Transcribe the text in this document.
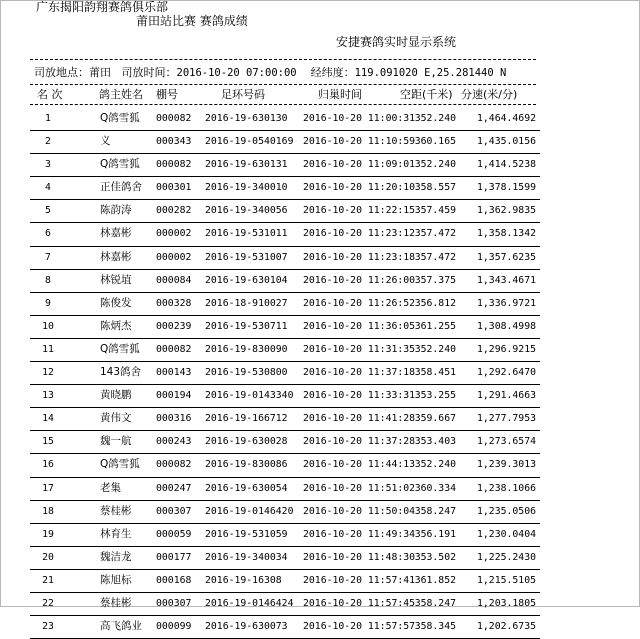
广东揭阳韵翔赛鸽俱乐部
莆田站比赛 赛鸽成绩
安捷赛鸽实时显示系统
司放地点：莆田 司放时间：2016-10-20 07:00:00 经纬度：119.091020 E,25.281440 N
名 次	鸽主姓名 棚号	足环号码	归巢时间	空距(千米) 分速(米/分)
1	Q鸽雪狐	000082	2016-19-630130	2016-10-20 11:00:31 352.240	1,464.4692
2	义	000343	2016-19-0540169 2016-10-20 11:10:59 360.165	1,435.0156
3	Q鸽雪狐	000082	2016-19-630131	2016-10-20 11:09:01 352.240	1,414.5238
4	正佳鸽舍	000301	2016-19-340010	2016-10-20 11:20:10 358.557	1,378.1599
5	陈韵涛	000282	2016-19-340056	2016-10-20 11:22:15 357.459	1,362.9835
6	林嘉彬	000002	2016-19-531011	2016-10-20 11:23:12 357.472	1,358.1342
7	林嘉彬	000002	2016-19-531007	2016-10-20 11:23:18 357.472	1,357.6235
8	林锐埴	000084	2016-19-630104	2016-10-20 11:26:00 357.375	1,343.4671
9	陈俊发	000328	2016-18-910027	2016-10-20 11:26:52 356.812	1,336.9721
10	陈炳杰	000239	2016-19-530711	2016-10-20 11:36:05 361.255	1,308.4998
11	Q鸽雪狐	000082	2016-19-830090	2016-10-20 11:31:35 352.240	1,296.9215
12	143鸽舍	000143	2016-19-530800	2016-10-20 11:37:18 358.451	1,292.6470
13	黄晓鹏	000194	2016-19-0143340 2016-10-20 11:33:31 353.255	1,291.4663
14	黄伟文	000316	2016-19-166712	2016-10-20 11:41:28 359.667	1,277.7953
15	魏一航	000243	2016-19-630028	2016-10-20 11:37:28 353.403	1,273.6574
16	Q鸽雪狐	000082	2016-19-830086	2016-10-20 11:44:13 352.240	1,239.3013
17	老集	000247	2016-19-630054	2016-10-20 11:51:02 360.334	1,238.1066
18	蔡桂彬	000307	2016-19-0146420 2016-10-20 11:50:04 358.247	1,235.0506
19	林育生	000059	2016-19-531059	2016-10-20 11:49:34 356.191	1,230.0404
20	魏洁龙	000177	2016-19-340034	2016-10-20 11:48:30 353.502	1,225.2430
21	陈旭标	000168	2016-19-16308	2016-10-20 11:57:41 361.852	1,215.5105
22	蔡桂彬	000307	2016-19-0146424 2016-10-20 11:57:45 358.247	1,203.1805
23	高飞鸽业	000099	2016-19-630073	2016-10-20 11:57:57 358.345	1,202.6735
